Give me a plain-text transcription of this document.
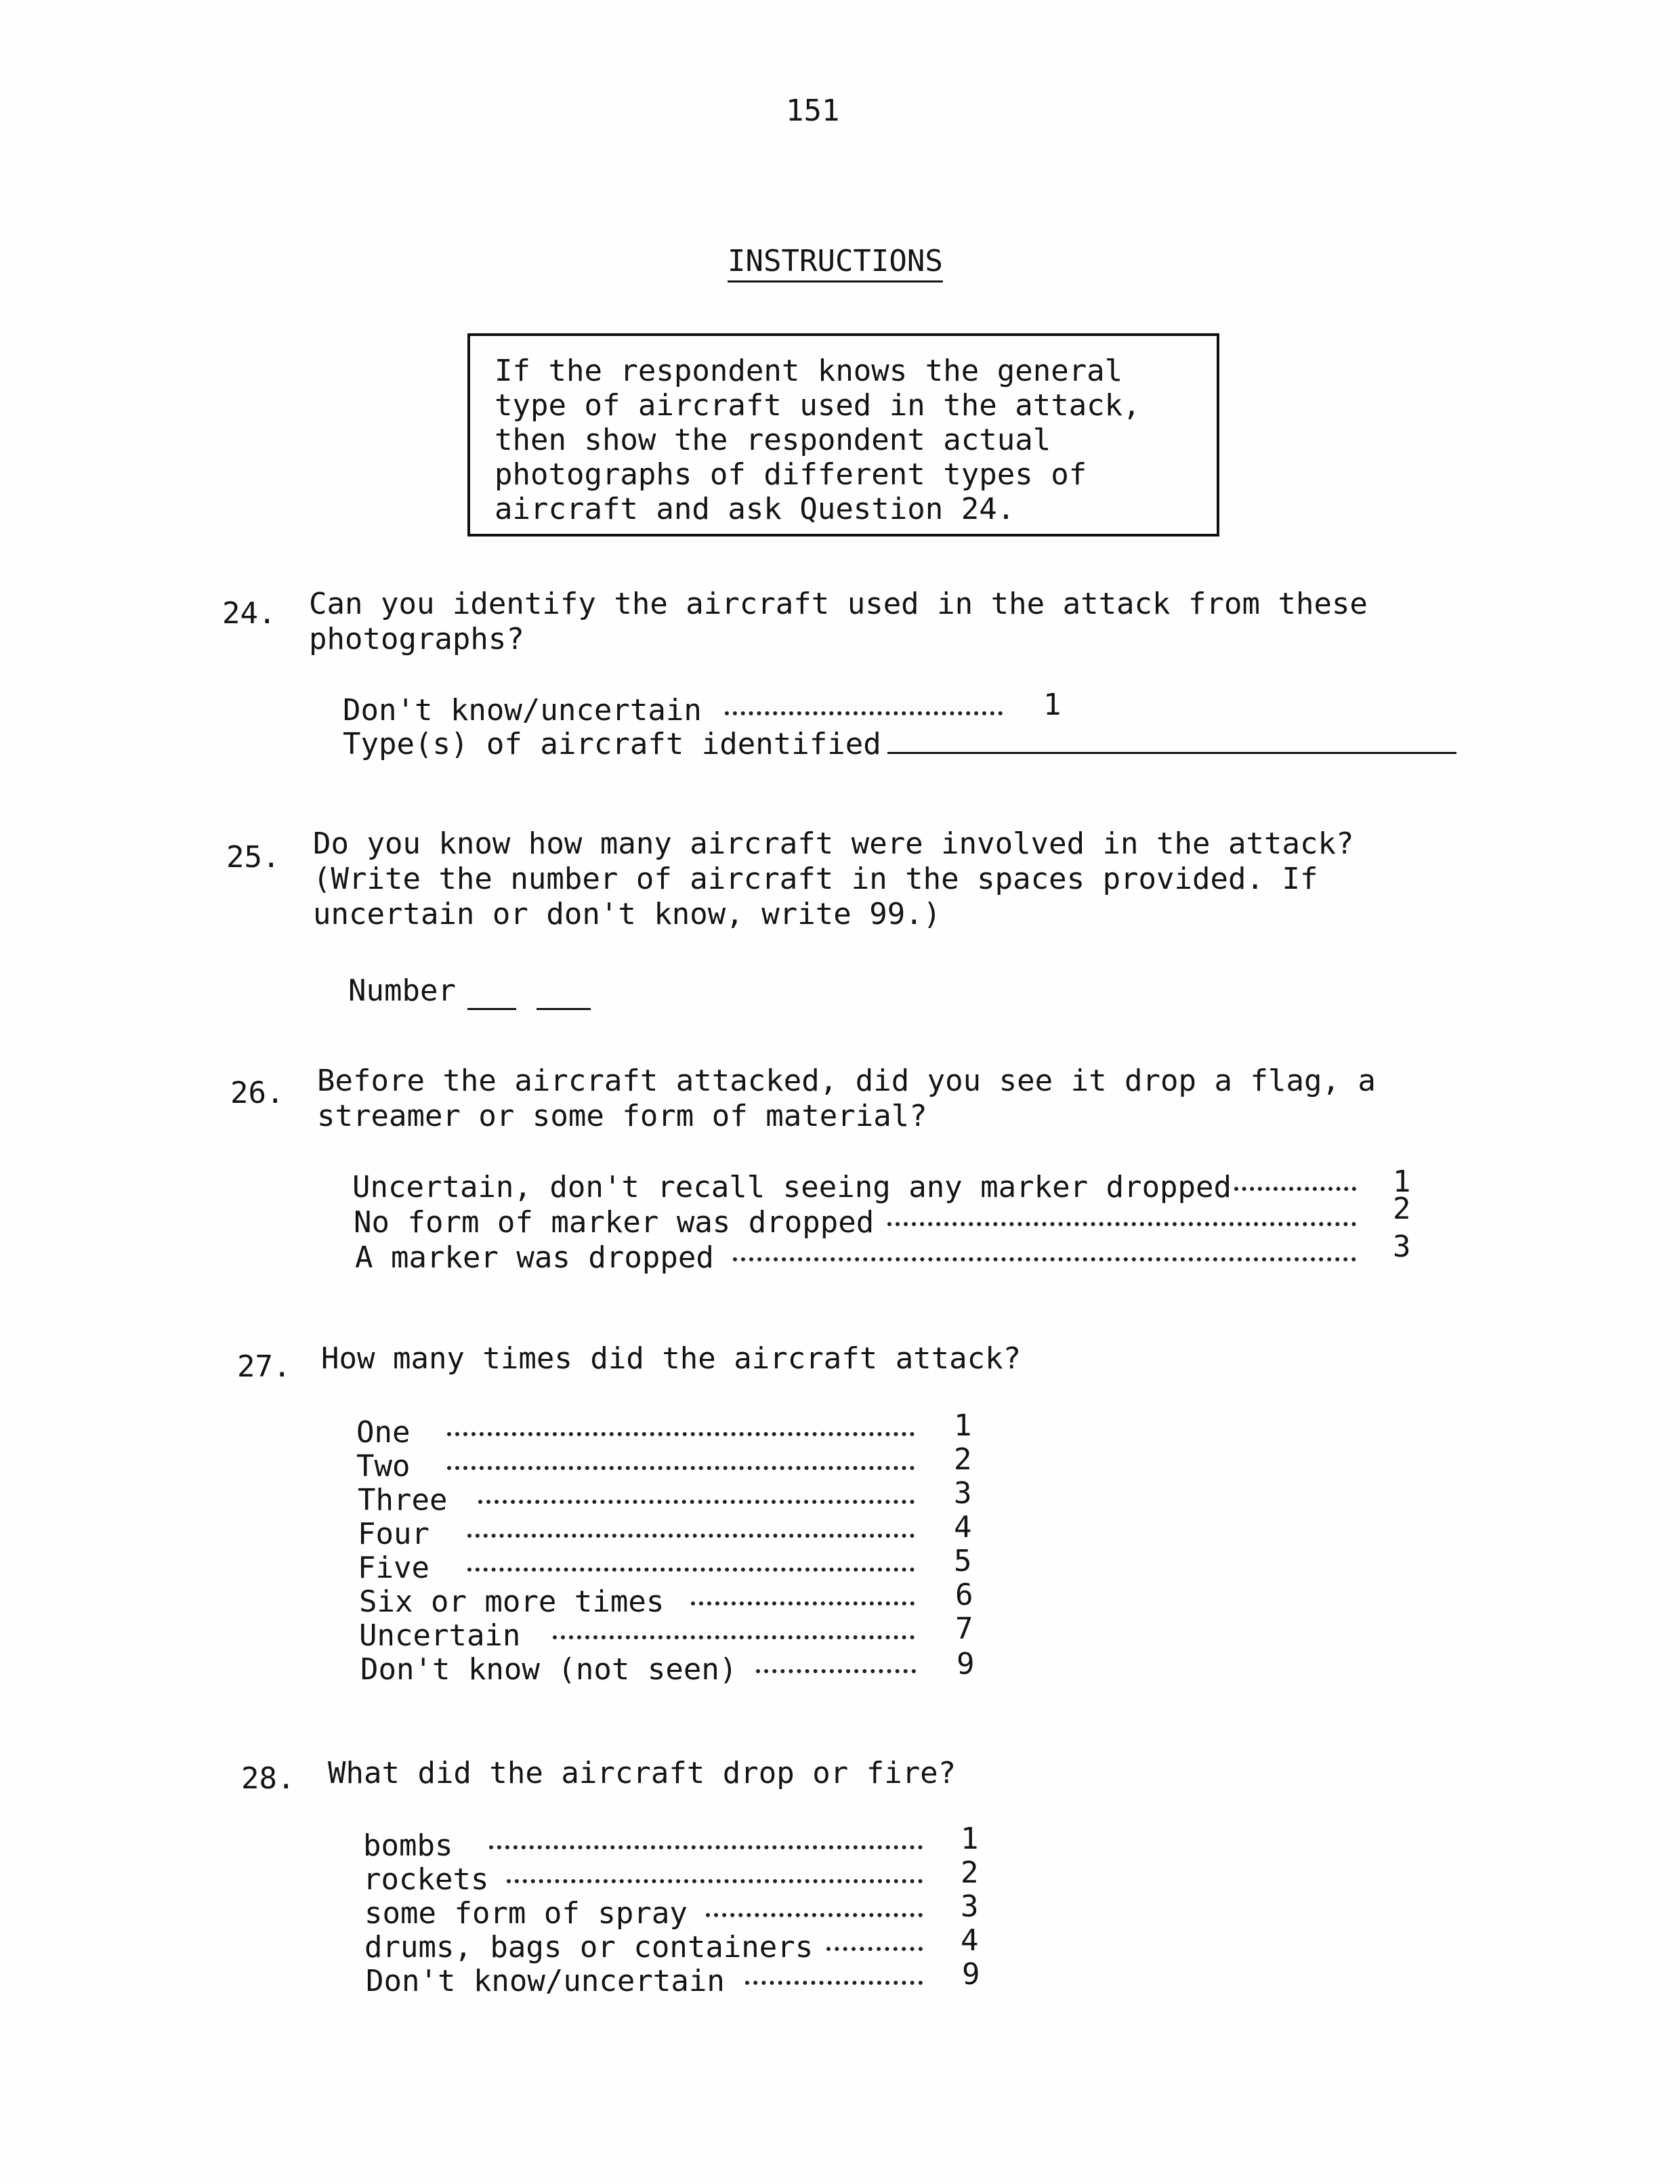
151
INSTRUCTIONS
If the respondent knows the general type of aircraft used in the attack, then show the respondent actual photographs of different types of aircraft and ask Question 24.
24. Can you identify the aircraft used in the attack from these photographs?
Don't know/uncertain	1
Type(s) of aircraft identified
25. Do you know how many aircraft were involved in the attack? (Write the number of aircraft in the spaces provided. If uncertain or don't know, write 99.)
Number
26. Before the aircraft attacked, did you see it drop a flag, a streamer or some form of material?
Uncertain, don't recall seeing any marker dropped	1
No form of marker was dropped	2
A marker was dropped	3
27. How many times did the aircraft attack?
One	1
Two	2
Three	3
Four	4
Five	5
Six or more times	6
Uncertain	7
Don't know (not seen)	9
28. What did the aircraft drop or fire?
bombs	1
rockets	2
some form of spray	3
drums, bags or containers	4
Don't know/uncertain	9
